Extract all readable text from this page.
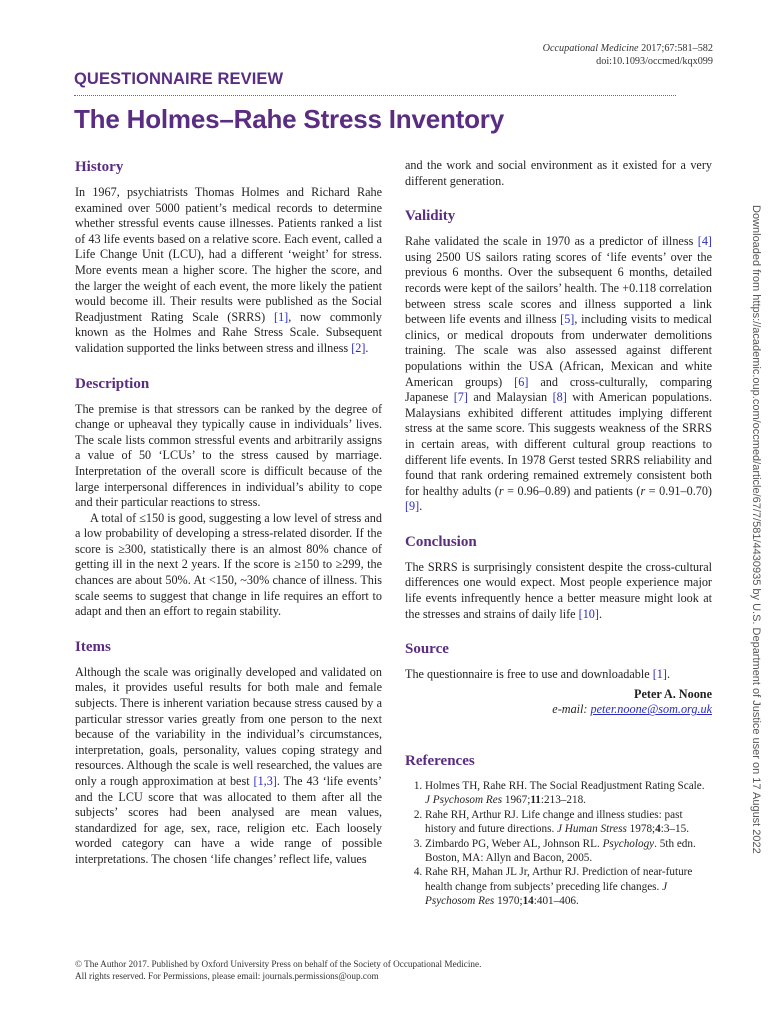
Occupational Medicine 2017;67:581–582
doi:10.1093/occmed/kqx099
QUESTIONNAIRE REVIEW
The Holmes–Rahe Stress Inventory
History

In 1967, psychiatrists Thomas Holmes and Richard Rahe examined over 5000 patient’s medical records to determine whether stressful events cause illnesses. Patients ranked a list of 43 life events based on a relative score. Each event, called a Life Change Unit (LCU), had a different ‘weight’ for stress. More events mean a higher score. The higher the score, and the larger the weight of each event, the more likely the patient would become ill. Their results were published as the Social Readjustment Rating Scale (SRRS) [1], now commonly known as the Holmes and Rahe Stress Scale. Subsequent validation supported the links between stress and illness [2].

Description

The premise is that stressors can be ranked by the degree of change or upheaval they typically cause in individuals’ lives. The scale lists common stressful events and arbitrarily assigns a value of 50 ‘LCUs’ to the stress caused by marriage. Interpretation of the overall score is difficult because of the large interpersonal differences in individual’s ability to cope and their particular reactions to stress.

A total of ≤150 is good, suggesting a low level of stress and a low probability of developing a stress-related disorder. If the score is ≥300, statistically there is an almost 80% chance of getting ill in the next 2 years. If the score is ≥150 to ≥299, the chances are about 50%. At <150, ~30% chance of illness. This scale seems to suggest that change in life requires an effort to adapt and then an effort to regain stability.

Items

Although the scale was originally developed and validated on males, it provides useful results for both male and female subjects. There is inherent variation because stress caused by a particular stressor varies greatly from one person to the next because of the variability in the individual’s circumstances, interpretation, goals, personality, values coping strategy and resources. Although the scale is well researched, the values are only a rough approximation at best [1,3]. The 43 ‘life events’ and the LCU score that was allocated to them after all the subjects’ scores had been analysed are mean values, standardized for age, sex, race, religion etc. Each loosely worded category can have a wide range of possible interpretations. The chosen ‘life changes’ reflect life, values

and the work and social environment as it existed for a very different generation.

Validity

Rahe validated the scale in 1970 as a predictor of illness [4] using 2500 US sailors rating scores of ‘life events’ over the previous 6 months. Over the subsequent 6 months, detailed records were kept of the sailors’ health. The +0.118 correlation between stress scale scores and illness supported a link between life events and illness [5], including visits to medical clinics, or medical dropouts from underwater demolitions training. The scale was also assessed against different populations within the USA (African, Mexican and white American groups) [6] and cross-culturally, comparing Japanese [7] and Malaysian [8] with American populations. Malaysians exhibited different attitudes implying different stress at the same score. This suggests weakness of the SRRS in certain areas, with different cultural group reactions to different life events. In 1978 Gerst tested SRRS reliability and found that rank ordering remained extremely consistent both for healthy adults (r = 0.96–0.89) and patients (r = 0.91–0.70) [9].

Conclusion

The SRRS is surprisingly consistent despite the cross-cultural differences one would expect. Most people experience major life events infrequently hence a better measure might look at the stresses and strains of daily life [10].

Source

The questionnaire is free to use and downloadable [1].

Peter A. Noone
e-mail: peter.noone@som.org.uk
References
1. Holmes TH, Rahe RH. The Social Readjustment Rating Scale. J Psychosom Res 1967;11:213–218.
2. Rahe RH, Arthur RJ. Life change and illness studies: past history and future directions. J Human Stress 1978;4:3–15.
3. Zimbardo PG, Weber AL, Johnson RL. Psychology. 5th edn. Boston, MA: Allyn and Bacon, 2005.
4. Rahe RH, Mahan JL Jr, Arthur RJ. Prediction of near-future health change from subjects’ preceding life changes. J Psychosom Res 1970;14:401–406.
© The Author 2017. Published by Oxford University Press on behalf of the Society of Occupational Medicine.
All rights reserved. For Permissions, please email: journals.permissions@oup.com
Downloaded from https://academic.oup.com/occmed/article/67/7/581/4430935 by U.S. Department of Justice user on 17 August 2022
